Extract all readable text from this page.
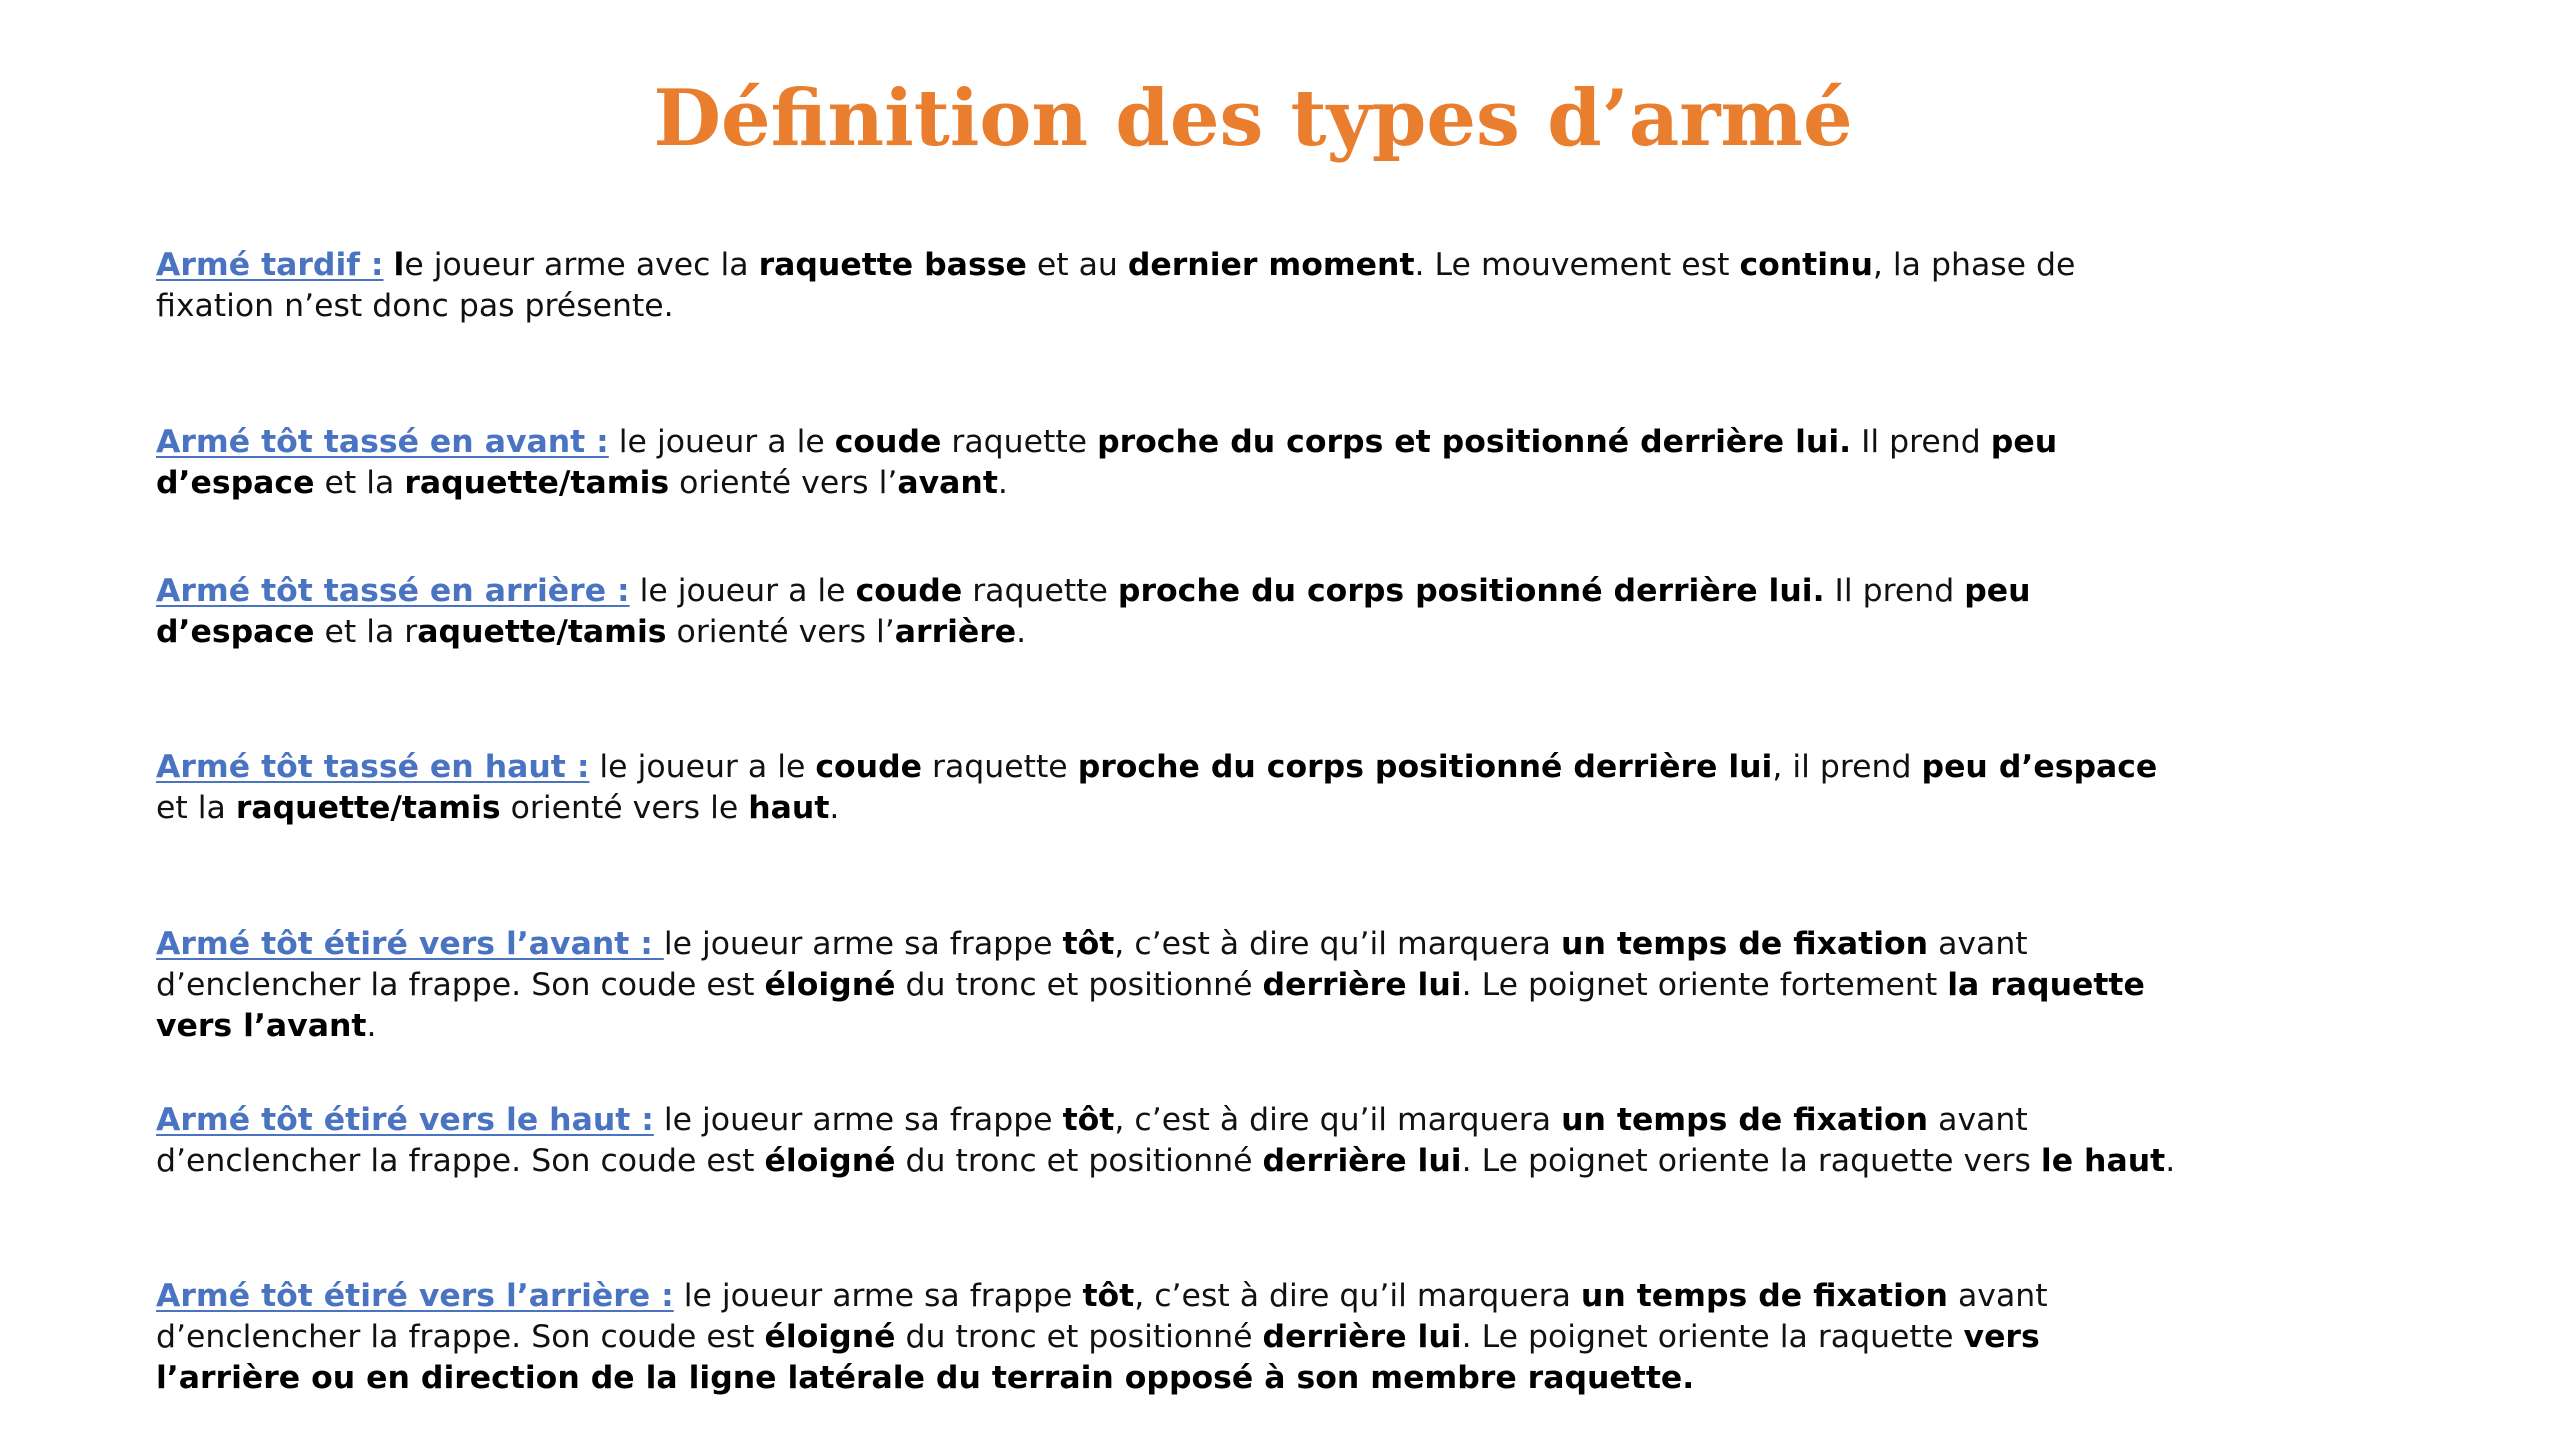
Définition des types d’armé

Armé tardif : le joueur arme avec la raquette basse et au dernier moment. Le mouvement est continu, la phase de fixation n’est donc pas présente.

Armé tôt tassé en avant : le joueur a le coude raquette proche du corps et positionné derrière lui. Il prend peu d’espace et la raquette/tamis orienté vers l’avant.

Armé tôt tassé en arrière : le joueur a le coude raquette proche du corps positionné derrière lui. Il prend peu d’espace et la raquette/tamis orienté vers l’arrière.

Armé tôt tassé en haut : le joueur a le coude raquette proche du corps positionné derrière lui, il prend peu d’espace et la raquette/tamis orienté vers le haut.

Armé tôt étiré vers l’avant : le joueur arme sa frappe tôt, c’est à dire qu’il marquera un temps de fixation avant d’enclencher la frappe. Son coude est éloigné du tronc et positionné derrière lui. Le poignet oriente fortement la raquette vers l’avant.

Armé tôt étiré vers le haut : le joueur arme sa frappe tôt, c’est à dire qu’il marquera un temps de fixation avant d’enclencher la frappe. Son coude est éloigné du tronc et positionné derrière lui. Le poignet oriente la raquette vers le haut.

Armé tôt étiré vers l’arrière : le joueur arme sa frappe tôt, c’est à dire qu’il marquera un temps de fixation avant d’enclencher la frappe. Son coude est éloigné du tronc et positionné derrière lui. Le poignet oriente la raquette vers l’arrière ou en direction de la ligne latérale du terrain opposé à son membre raquette.
